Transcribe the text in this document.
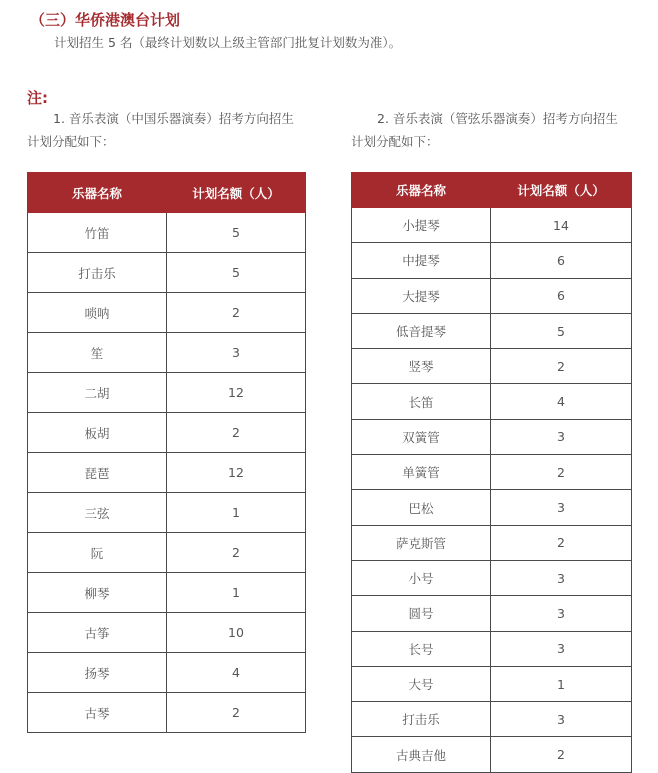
（三）华侨港澳台计划

计划招生 5 名（最终计划数以上级主管部门批复计划数为准）。

注:
1. 音乐表演（中国乐器演奏）招考方向招生
计划分配如下：
2. 音乐表演（管弦乐器演奏）招考方向招生
计划分配如下：
乐器名称	计划名额（人）
竹笛	5
打击乐	5
唢呐	2
笙	3
二胡	12
板胡	2
琵琶	12
三弦	1
阮	2
柳琴	1
古筝	10
扬琴	4
古琴	2
乐器名称	计划名额（人）
小提琴	14
中提琴	6
大提琴	6
低音提琴	5
竖琴	2
长笛	4
双簧管	3
单簧管	2
巴松	3
萨克斯管	2
小号	3
圆号	3
长号	3
大号	1
打击乐	3
古典吉他	2
